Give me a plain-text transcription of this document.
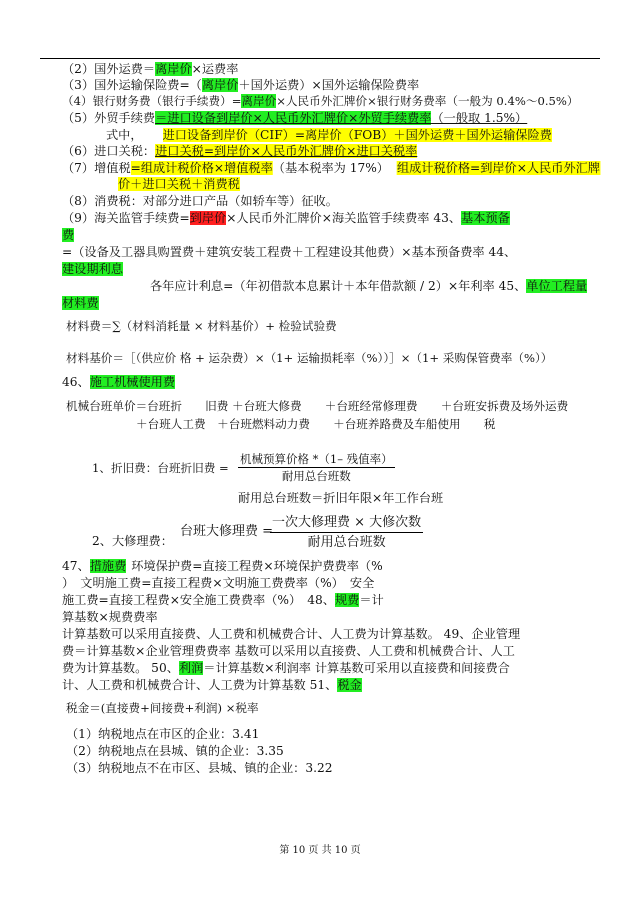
（2）国外运费＝离岸价×运费率
（3）国外运输保险费=（离岸价＋国外运费）×国外运输保险费率
（4）银行财务费（银行手续费）=离岸价×人民币外汇牌价×银行财务费率（一般为 0.4%～0.5%）
（5）外贸手续费＝进口设备到岸价×人民币外汇牌价×外贸手续费率（一般取 1.5%）
式中， 进口设备到岸价（CIF）=离岸价（FOB）＋国外运费＋国外运输保险费
（6）进口关税：进口关税=到岸价×人民币外汇牌价×进口关税率
（7）增值税=组成计税价格×增值税率（基本税率为 17%） 组成计税价格=到岸价×人民币外汇牌
价＋进口关税＋消费税
（8）消费税：对部分进口产品（如轿车等）征收。
（9）海关监管手续费=到岸价×人民币外汇牌价×海关监管手续费率 43、基本预备
费
=（设备及工器具购置费＋建筑安装工程费＋工程建设其他费）×基本预备费率 44、
建设期利息
各年应计利息=（年初借款本息累计＋本年借款额 / 2）×年利率 45、单位工程量
材料费
材料费＝∑（材料消耗量 × 材料基价）+ 检验试验费
材料基价＝［（供应价 格 + 运杂费）×（1+ 运输损耗率（%））］×（1+ 采购保管费率（%））
46、施工机械使用费
机械台班单价＝台班折　　旧费 ＋台班大修费　　＋台班经常修理费　　＋台班安拆费及场外运费
＋台班人工费　＋台班燃料动力费　　＋台班养路费及车船使用　　税
1、折旧费：台班折旧费 =
机械预算价格 *（1– 残值率）
耐用总台班数
耐用总台班数＝折旧年限×年工作台班
2、大修理费：
台班大修理费 =
一次大修理费 × 大修次数
耐用总台班数
47、措施费 环境保护费=直接工程费×环境保护费费率（%
）　文明施工费=直接工程费×文明施工费费率（%）　安全
施工费=直接工程费×安全施工费费率（%）　48、规费＝计
算基数×规费费率
计算基数可以采用直接费、人工费和机械费合计、人工费为计算基数。 49、企业管理
费＝计算基数×企业管理费费率 基数可以采用以直接费、人工费和机械费合计、人工
费为计算基数。 50、利润＝计算基数×利润率 计算基数可采用以直接费和间接费合
计、人工费和机械费合计、人工费为计算基数 51、税金
税金＝(直接费+间接费+利润) ×税率
（1）纳税地点在市区的企业：3.41
（2）纳税地点在县城、镇的企业：3.35
（3）纳税地点不在市区、县城、镇的企业：3.22
第 10 页 共 10 页
